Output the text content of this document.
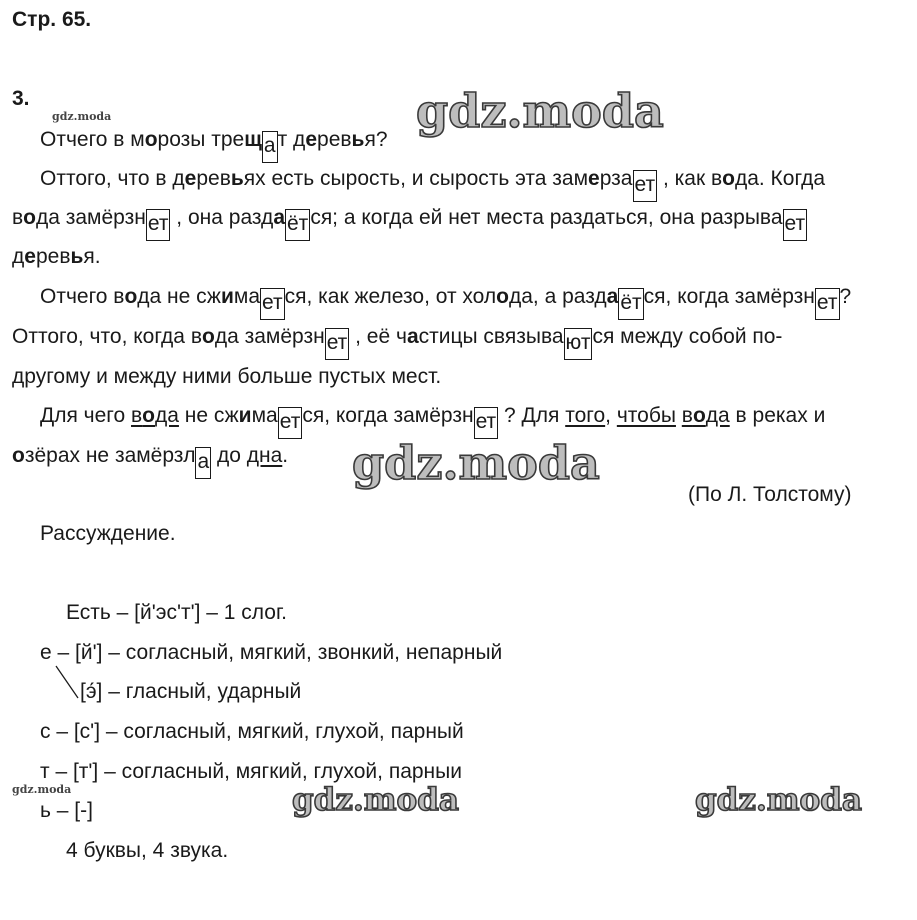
Стр. 65.
3.	gdz.moda
gdz.moda
gdz.moda	gdz.moda
gdz.moda
gdz.moda
Отчего в морозы трещат деревья?
Оттого, что в деревьях есть сырость, и сырость эта замерзает , как вода. Когда
вода замёрзнет , она раздаётся; а когда ей нет места раздаться, она разрывает
деревья.
Отчего вода не сжимается, как железо, от холода, а раздаётся, когда замёрзнет?
Оттого, что, когда вода замёрзнет , её частицы связываются между собой по-
другому и между ними больше пустых мест.
Для чего вода не сжимается, когда замёрзнет ? Для того, чтобы вода в реках и
озёрах не замёрзла до дна.
(По Л. Толстому)
Рассуждение.
Есть – [й'эс'т'] – 1 слог.
е – [й'] – согласный, мягкий, звонкий, непарный
[э́] – гласный, ударный
с – [с'] – согласный, мягкий, глухой, парный
т – [т'] – согласный, мягкий, глухой, парныи
ь – [-]
4 буквы, 4 звука.
